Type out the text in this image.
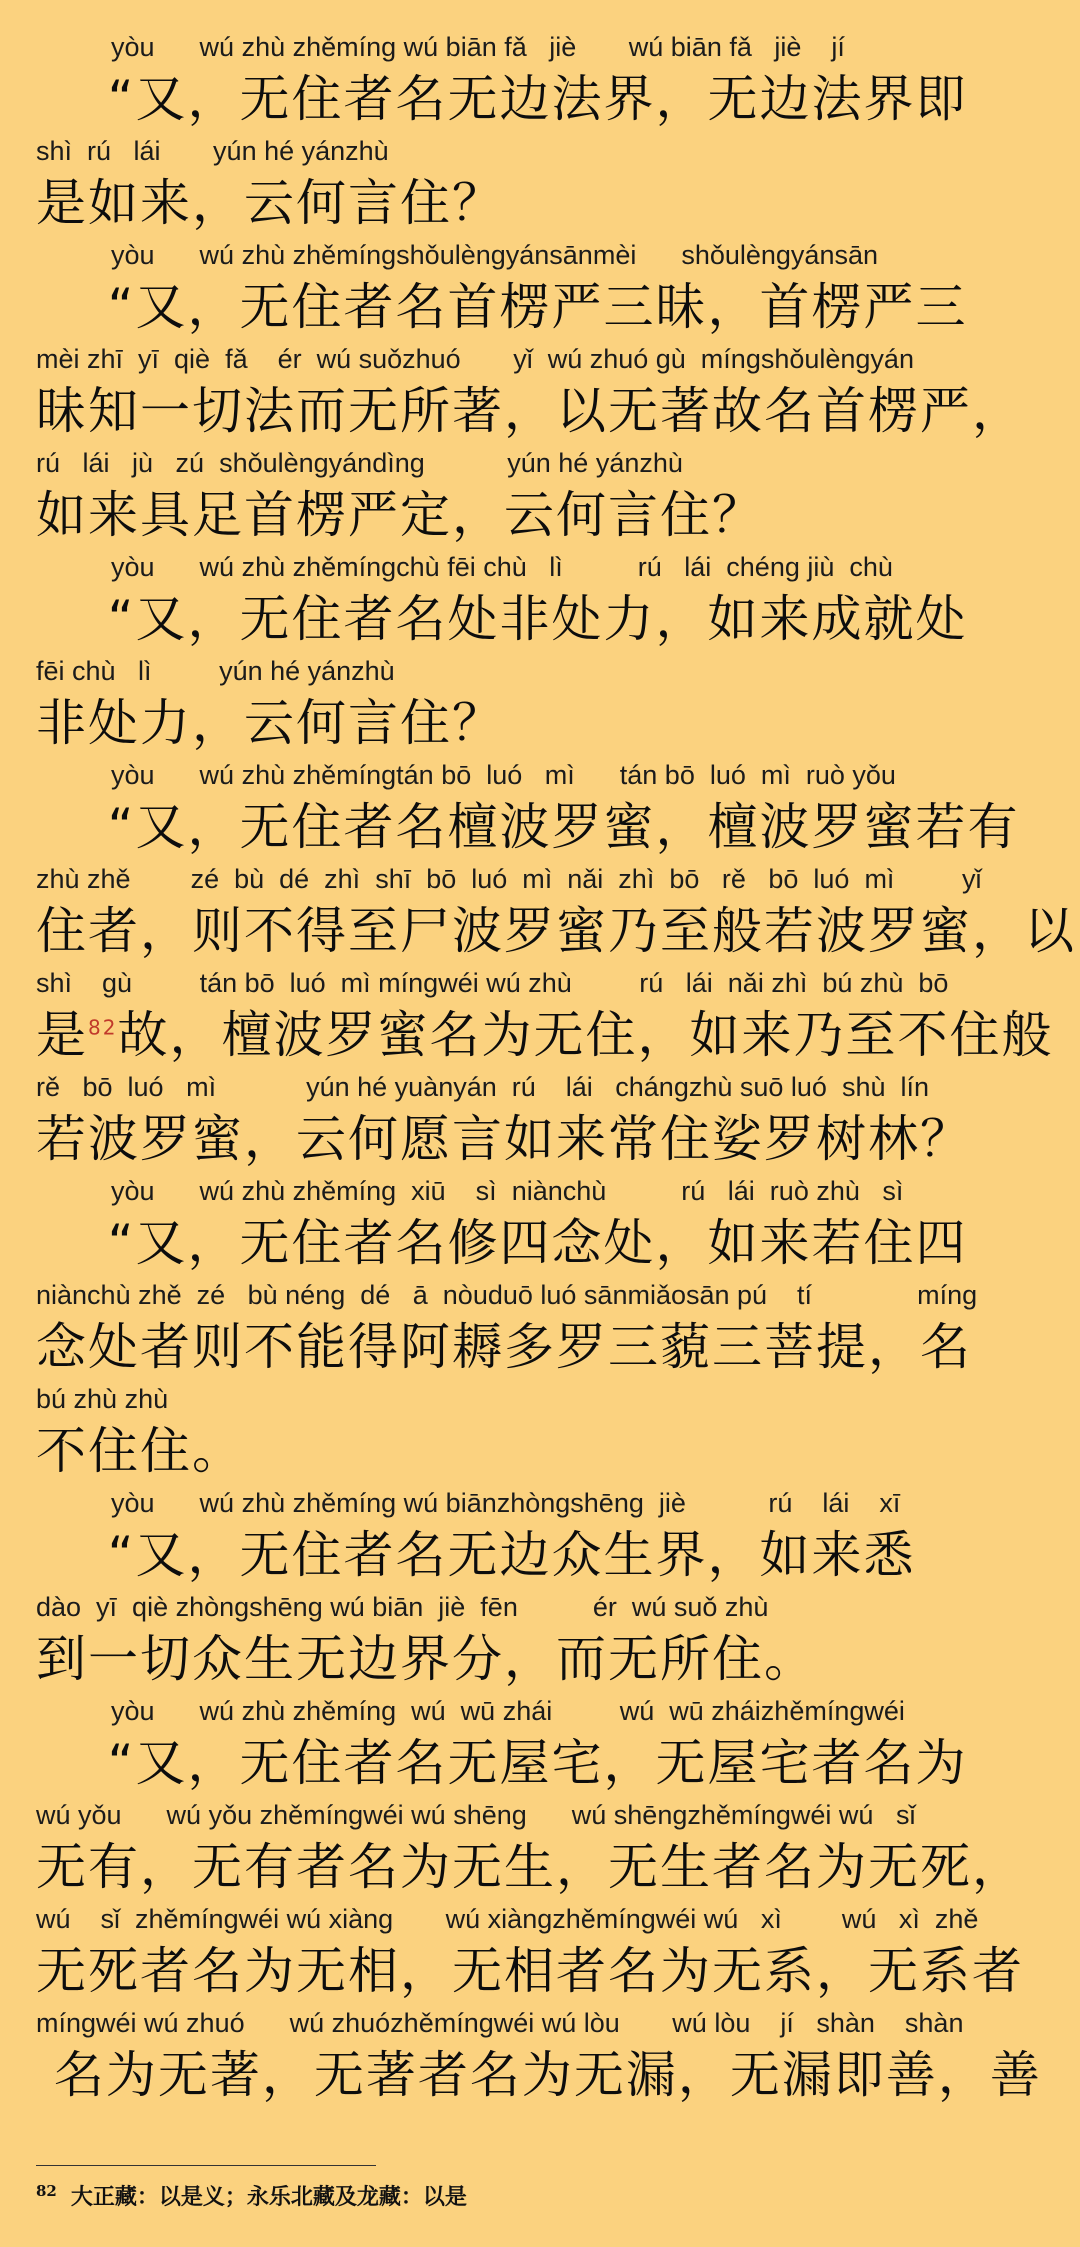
yòu      wú zhù zhěmíng wú biān fǎ   jiè       wú biān fǎ   jiè    jí
“又，无住者名无边法界，无边法界即
shì  rú   lái       yún hé yánzhù
是如来，云何言住？
yòu      wú zhù zhěmíngshǒulèngyánsānmèi      shǒulèngyánsān
“又，无住者名首楞严三昧，首楞严三
mèi zhī  yī  qiè  fǎ    ér  wú suǒzhuó       yǐ  wú zhuó gù  míngshǒulèngyán
昧知一切法而无所著，以无著故名首楞严，
rú   lái   jù   zú  shǒulèngyándìng           yún hé yánzhù
如来具足首楞严定，云何言住？
yòu      wú zhù zhěmíngchù fēi chù   lì          rú   lái  chéng jiù  chù
“又，无住者名处非处力，如来成就处
fēi chù   lì         yún hé yánzhù
非处力，云何言住？
yòu      wú zhù zhěmíngtán bō  luó   mì      tán bō  luó  mì  ruò yǒu
“又，无住者名檀波罗蜜，檀波罗蜜若有
zhù zhě        zé  bù  dé  zhì  shī  bō  luó  mì  nǎi  zhì  bō   rě   bō  luó  mì         yǐ
住者，则不得至尸波罗蜜乃至般若波罗蜜，以
shì    gù         tán bō  luó  mì míngwéi wú zhù         rú   lái  nǎi zhì  bú zhù  bō
是$^{82}$故，檀波罗蜜名为无住，如来乃至不住般
rě   bō  luó   mì            yún hé yuànyán  rú    lái   chángzhù suō luó  shù  lín
若波罗蜜，云何愿言如来常住娑罗树林？
yòu      wú zhù zhěmíng  xiū    sì  niànchù          rú   lái  ruò zhù   sì
“又，无住者名修四念处，如来若住四
niànchù zhě  zé   bù néng  dé   ā  nòuduō luó sānmiǎosān pú    tí              míng
念处者则不能得阿耨多罗三藐三菩提，名
bú zhù zhù
不住住。
yòu      wú zhù zhěmíng wú biānzhòngshēng  jiè           rú    lái    xī
“又，无住者名无边众生界，如来悉
dào  yī  qiè zhòngshēng wú biān  jiè  fēn          ér  wú suǒ zhù
到一切众生无边界分，而无所住。
yòu      wú zhù zhěmíng  wú  wū zhái         wú  wū zháizhěmíngwéi
“又，无住者名无屋宅，无屋宅者名为
wú yǒu      wú yǒu zhěmíngwéi wú shēng      wú shēngzhěmíngwéi wú   sǐ
无有，无有者名为无生，无生者名为无死，
wú    sǐ  zhěmíngwéi wú xiàng       wú xiàngzhěmíngwéi wú   xì        wú   xì  zhě
无死者名为无相，无相者名为无系，无系者
míngwéi wú zhuó      wú zhuózhěmíngwéi wú lòu       wú lòu    jí   shàn    shàn
名为无著，无著者名为无漏，无漏即善，善
$^{82}$ 大正藏：以是义；永乐北藏及龙藏：以是
